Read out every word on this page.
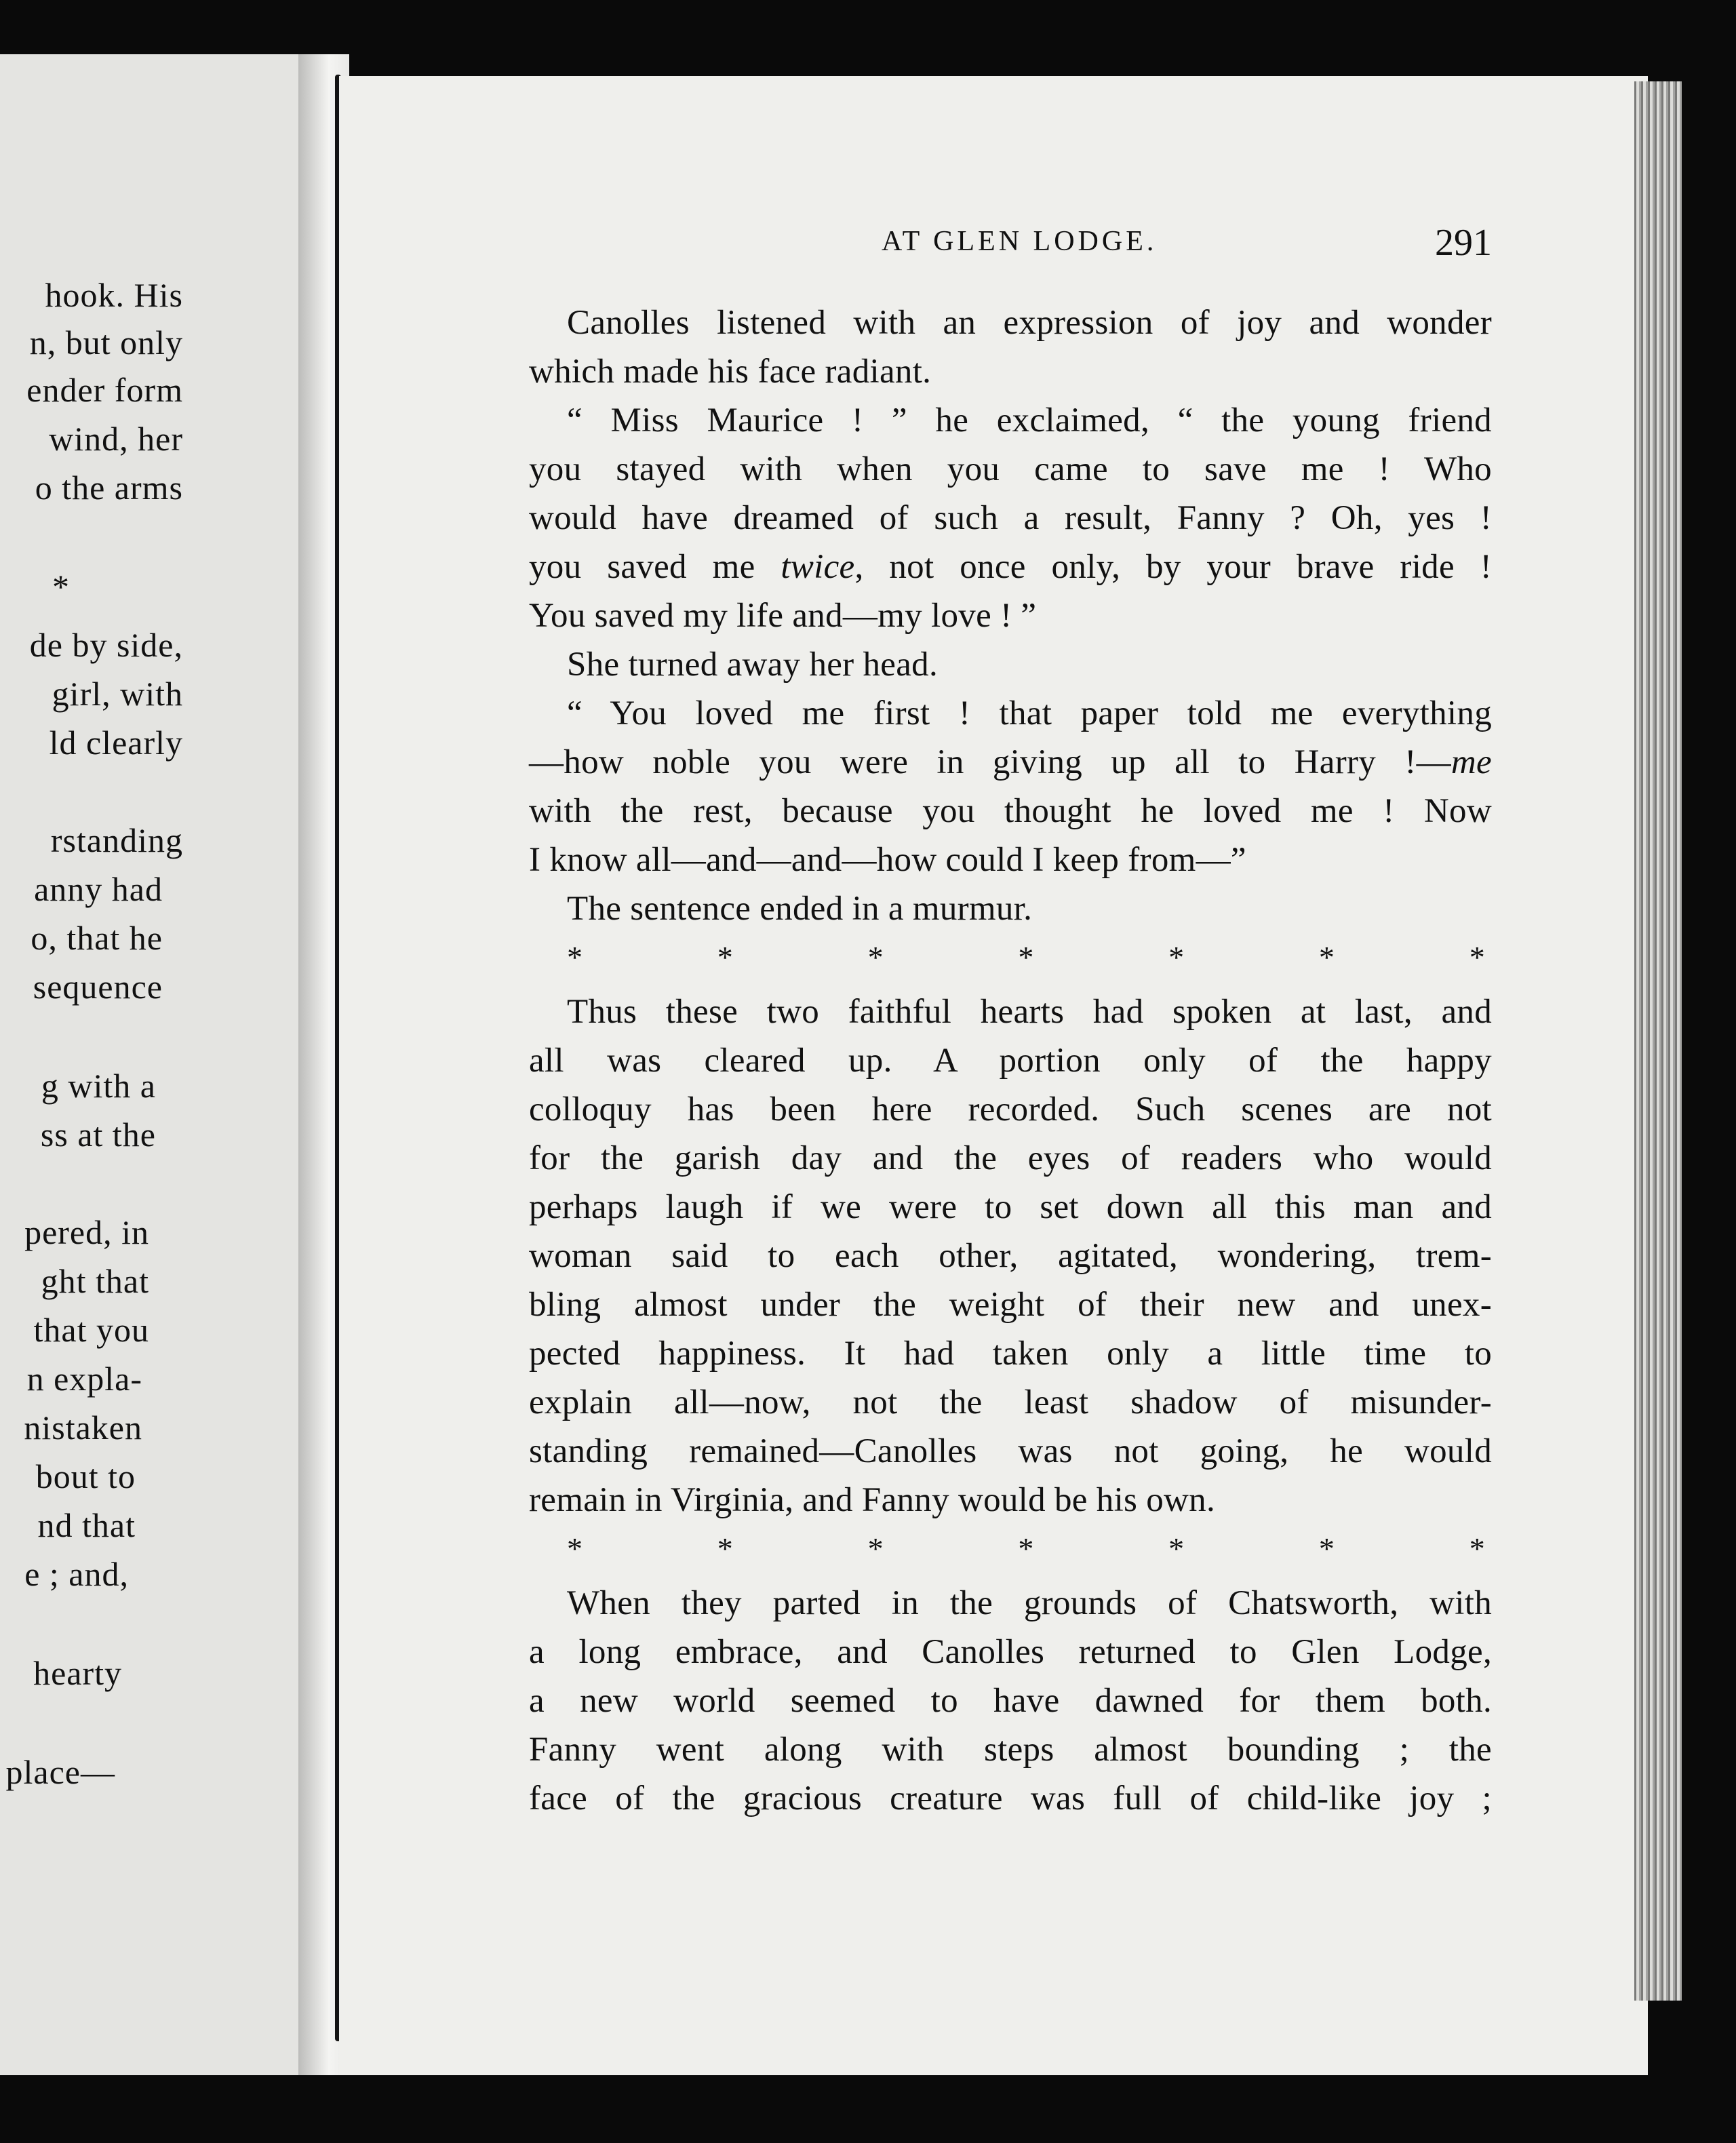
hook. His
n, but only
ender form
wind, her
o the arms
*
de by side,
girl, with
ld clearly
rstanding
anny had
o, that he
sequence
g with a
ss at the
pered, in
ght that
that you
n expla-
nistaken
bout to
nd that
e ; and,
hearty
place—
AT GLEN LODGE.	291
Canolles listened with an expression of joy and wonder
which made his face radiant.
“ Miss Maurice ! ” he exclaimed, “ the young friend
you stayed with when you came to save me ! Who
would have dreamed of such a result, Fanny ? Oh, yes !
you saved me twice, not once only, by your brave ride !
You saved my life and—my love ! ”
She turned away her head.
“ You loved me first ! that paper told me everything
—how noble you were in giving up all to Harry !—me
with the rest, because you thought he loved me ! Now
I know all—and—and—how could I keep from—”
The sentence ended in a murmur.
*	*	*	*	*	*	*
Thus these two faithful hearts had spoken at last, and
all was cleared up. A portion only of the happy
colloquy has been here recorded. Such scenes are not
for the garish day and the eyes of readers who would
perhaps laugh if we were to set down all this man and
woman said to each other, agitated, wondering, trem-
bling almost under the weight of their new and unex-
pected happiness. It had taken only a little time to
explain all—now, not the least shadow of misunder-
standing remained—Canolles was not going, he would
remain in Virginia, and Fanny would be his own.
*	*	*	*	*	*	*
When they parted in the grounds of Chatsworth, with
a long embrace, and Canolles returned to Glen Lodge,
a new world seemed to have dawned for them both.
Fanny went along with steps almost bounding ; the
face of the gracious creature was full of child-like joy ;
